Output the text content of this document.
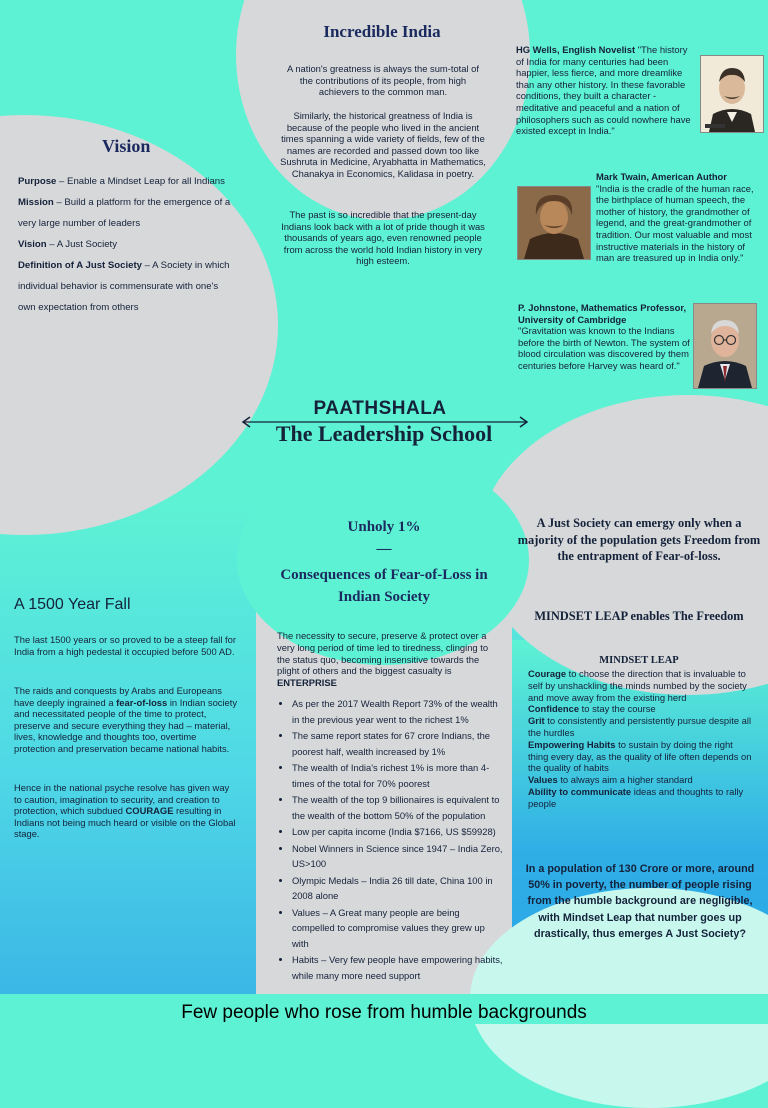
Incredible India
A nation's greatness is always the sum-total of the contributions of its people, from high achievers to the common man.
Similarly, the historical greatness of India is because of the people who lived in the ancient times spanning a wide variety of fields, few of the names are recorded and passed down too like Sushruta in Medicine, Aryabhatta in Mathematics, Chanakya in Economics, Kalidasa in poetry.
The past is so incredible that the present-day Indians look back with a lot of pride though it was thousands of years ago, even renowned people from across the world hold Indian history in very high esteem.
Vision
Purpose – Enable a Mindset Leap for all Indians
Mission – Build a platform for the emergence of a
very large number of leaders
Vision – A Just Society
Definition of A Just Society – A Society in which
individual behavior is commensurate with one's
own expectation from others
HG Wells, English Novelist "The history of India for many centuries had been happier, less fierce, and more dreamlike than any other history. In these favorable conditions, they built a character - meditative and peaceful and a nation of philosophers such as could nowhere have existed except in India."
Mark Twain, American Author
"India is the cradle of the human race, the birthplace of human speech, the mother of history, the grandmother of legend, and the great-grandmother of tradition. Our most valuable and most instructive materials in the history of man are treasured up in India only."
P. Johnstone, Mathematics Professor, University of Cambridge
"Gravitation was known to the Indians before the birth of Newton. The system of blood circulation was discovered by them centuries before Harvey was heard of."
PAATHSHALA
The Leadership School
A 1500 Year Fall
The last 1500 years or so proved to be a steep fall for India from a high pedestal it occupied before 500 AD.
The raids and conquests by Arabs and Europeans have deeply ingrained a fear-of-loss in Indian society and necessitated people of the time to protect, preserve and secure everything they had – material, lives, knowledge and thoughts too, overtime protection and preservation became national habits.
Hence in the national psyche resolve has given way to caution, imagination to security, and creation to protection, which subdued COURAGE resulting in Indians not being much heard or visible on the Global stage.
Unholy 1%
—
Consequences of Fear-of-Loss in Indian Society
The necessity to secure, preserve & protect over a very long period of time led to tiredness, clinging to the status quo, becoming insensitive towards the plight of others and the biggest casualty is
ENTERPRISE
• As per the 2017 Wealth Report 73% of the wealth in the previous year went to the richest 1%
• The same report states for 67 crore Indians, the poorest half, wealth increased by 1%
• The wealth of India's richest 1% is more than 4-times of the total for 70% poorest
• The wealth of the top 9 billionaires is equivalent to the wealth of the bottom 50% of the population
• Low per capita income (India $7166, US $59928)
• Nobel Winners in Science since 1947 – India Zero, US>100
• Olympic Medals – India 26 till date, China 100 in 2008 alone
• Values – A Great many people are being compelled to compromise values they grew up with
• Habits – Very few people have empowering habits, while many more need support
A Just Society can emergy only when a majority of the population gets Freedom from the entrapment of Fear-of-loss.
MINDSET LEAP enables The Freedom
MINDSET LEAP
Courage to choose the direction that is invaluable to self by unshackling the minds numbed by the society and move away from the existing herd
Confidence to stay the course
Grit to consistently and persistently pursue despite all the hurdles
Empowering Habits to sustain by doing the right thing every day, as the quality of life often depends on the quality of habits
Values to always aim a higher standard
Ability to communicate ideas and thoughts to rally people
In a population of 130 Crore or more, around 50% in poverty, the number of people rising from the humble background are negligible, with Mindset Leap that number goes up drastically, thus emerges A Just Society?
Few people who rose from humble backgrounds
